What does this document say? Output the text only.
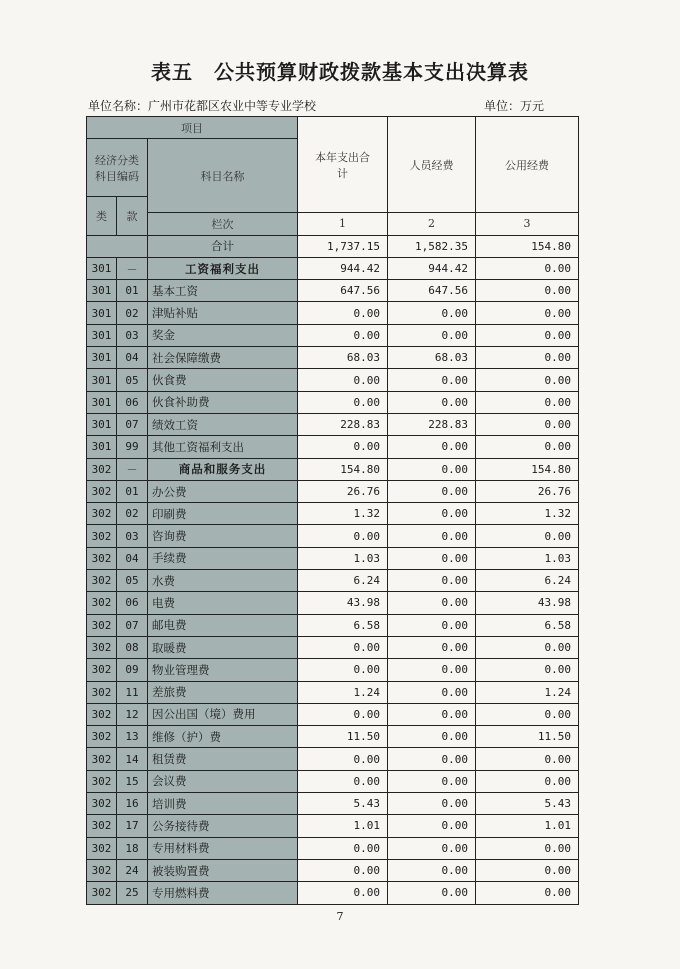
表五　公共预算财政拨款基本支出决算表
单位名称：广州市花都区农业中等专业学校	单位：万元
项目			本年支出合计	人员经费	公用经费
经济分类科目编码		科目名称			
类	款				
		栏次	1	2	3
		合计	1,737.15	1,582.35	154.80
301	－	工资福利支出	944.42	944.42	0.00
301	01	基本工资	647.56	647.56	0.00
301	02	津贴补贴	0.00	0.00	0.00
301	03	奖金	0.00	0.00	0.00
301	04	社会保障缴费	68.03	68.03	0.00
301	05	伙食费	0.00	0.00	0.00
301	06	伙食补助费	0.00	0.00	0.00
301	07	绩效工资	228.83	228.83	0.00
301	99	其他工资福利支出	0.00	0.00	0.00
302	－	商品和服务支出	154.80	0.00	154.80
302	01	办公费	26.76	0.00	26.76
302	02	印刷费	1.32	0.00	1.32
302	03	咨询费	0.00	0.00	0.00
302	04	手续费	1.03	0.00	1.03
302	05	水费	6.24	0.00	6.24
302	06	电费	43.98	0.00	43.98
302	07	邮电费	6.58	0.00	6.58
302	08	取暖费	0.00	0.00	0.00
302	09	物业管理费	0.00	0.00	0.00
302	11	差旅费	1.24	0.00	1.24
302	12	因公出国（境）费用	0.00	0.00	0.00
302	13	维修（护）费	11.50	0.00	11.50
302	14	租赁费	0.00	0.00	0.00
302	15	会议费	0.00	0.00	0.00
302	16	培训费	5.43	0.00	5.43
302	17	公务接待费	1.01	0.00	1.01
302	18	专用材料费	0.00	0.00	0.00
302	24	被装购置费	0.00	0.00	0.00
302	25	专用燃料费	0.00	0.00	0.00
7
